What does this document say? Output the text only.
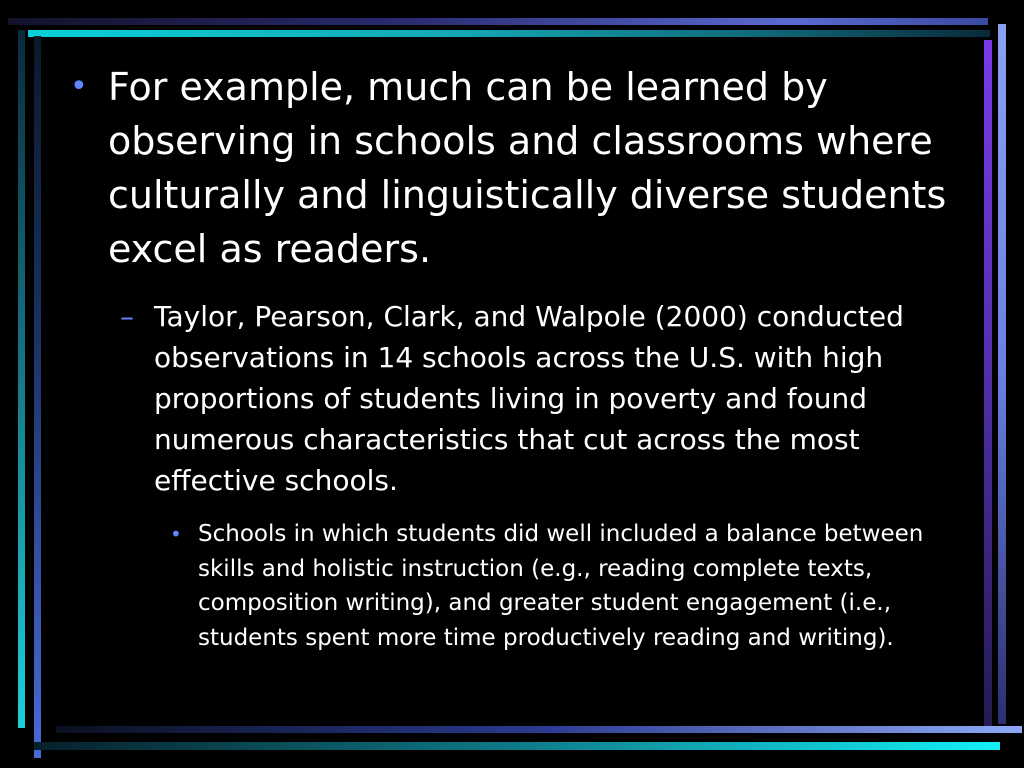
• For example, much can be learned by observing in schools and classrooms where culturally and linguistically diverse students excel as readers.
– Taylor, Pearson, Clark, and Walpole (2000) conducted observations in 14 schools across the U.S. with high proportions of students living in poverty and found numerous characteristics that cut across the most effective schools.
• Schools in which students did well included a balance between skills and holistic instruction (e.g., reading complete texts, composition writing), and greater student engagement (i.e., students spent more time productively reading and writing).
